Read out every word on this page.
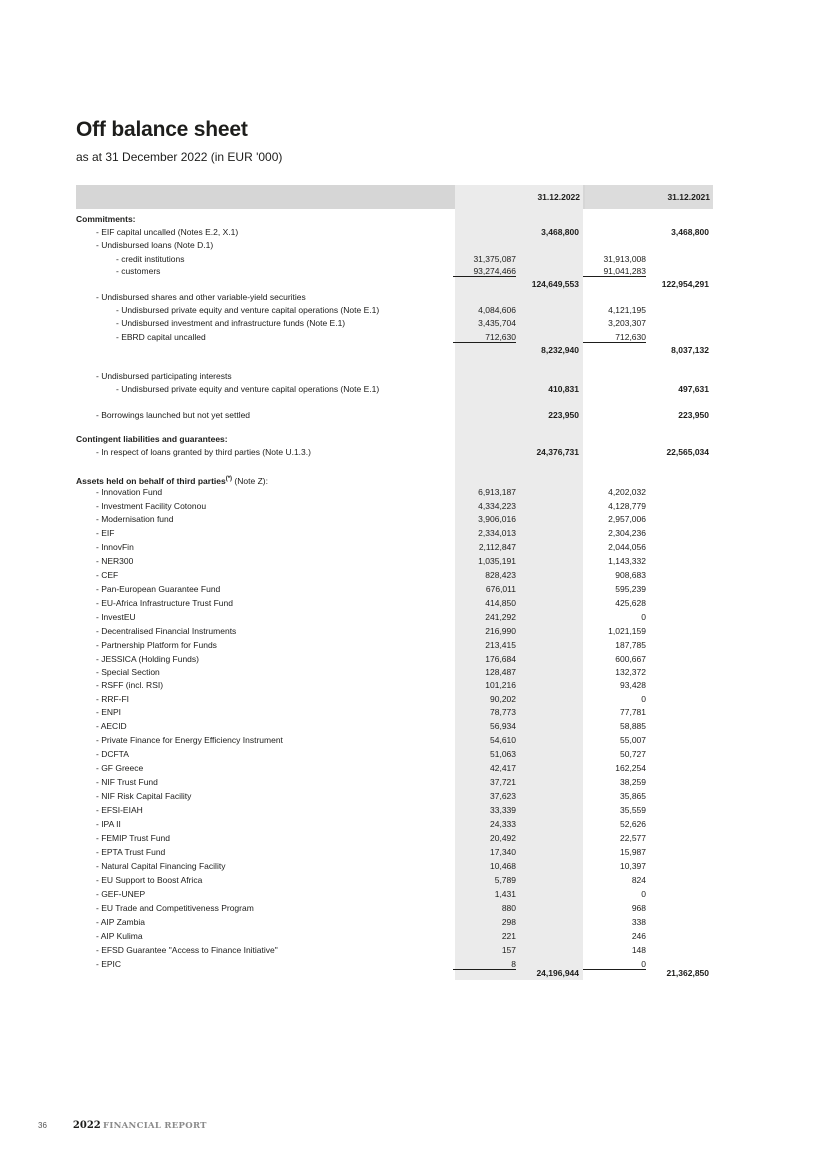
Off balance sheet
as at 31 December 2022 (in EUR '000)
31.12.2022	31.12.2021
Commitments:
- EIF capital uncalled (Notes E.2, X.1)	3,468,800	3,468,800
- Undisbursed loans (Note D.1)
- credit institutions	31,375,087	31,913,008
- customers	93,274,466	91,041,283
124,649,553	122,954,291
- Undisbursed shares and other variable-yield securities
- Undisbursed private equity and venture capital operations (Note E.1)	4,084,606	4,121,195
- Undisbursed investment and infrastructure funds (Note E.1)	3,435,704	3,203,307
- EBRD capital uncalled	712,630	712,630
8,232,940	8,037,132
- Undisbursed participating interests
- Undisbursed private equity and venture capital operations (Note E.1)	410,831	497,631
- Borrowings launched but not yet settled	223,950	223,950
Contingent liabilities and guarantees:
- In respect of loans granted by third parties (Note U.1.3.)	24,376,731	22,565,034
Assets held on behalf of third parties(*) (Note Z):
- Innovation Fund	6,913,187	4,202,032
- Investment Facility Cotonou	4,334,223	4,128,779
- Modernisation fund	3,906,016	2,957,006
- EIF	2,334,013	2,304,236
- InnovFin	2,112,847	2,044,056
- NER300	1,035,191	1,143,332
- CEF	828,423	908,683
- Pan-European Guarantee Fund	676,011	595,239
- EU-Africa Infrastructure Trust Fund	414,850	425,628
- InvestEU	241,292	0
- Decentralised Financial Instruments	216,990	1,021,159
- Partnership Platform for Funds	213,415	187,785
- JESSICA (Holding Funds)	176,684	600,667
- Special Section	128,487	132,372
- RSFF (incl. RSI)	101,216	93,428
- RRF-FI	90,202	0
- ENPI	78,773	77,781
- AECID	56,934	58,885
- Private Finance for Energy Efficiency Instrument	54,610	55,007
- DCFTA	51,063	50,727
- GF Greece	42,417	162,254
- NIF Trust Fund	37,721	38,259
- NIF Risk Capital Facility	37,623	35,865
- EFSI-EIAH	33,339	35,559
- IPA II	24,333	52,626
- FEMIP Trust Fund	20,492	22,577
- EPTA Trust Fund	17,340	15,987
- Natural Capital Financing Facility	10,468	10,397
- EU Support to Boost Africa	5,789	824
- GEF-UNEP	1,431	0
- EU Trade and Competitiveness Program	880	968
- AIP Zambia	298	338
- AIP Kulima	221	246
- EFSD Guarantee "Access to Finance Initiative"	157	148
- EPIC	8	0
24,196,944	21,362,850
36	2022 FINANCIAL REPORT
